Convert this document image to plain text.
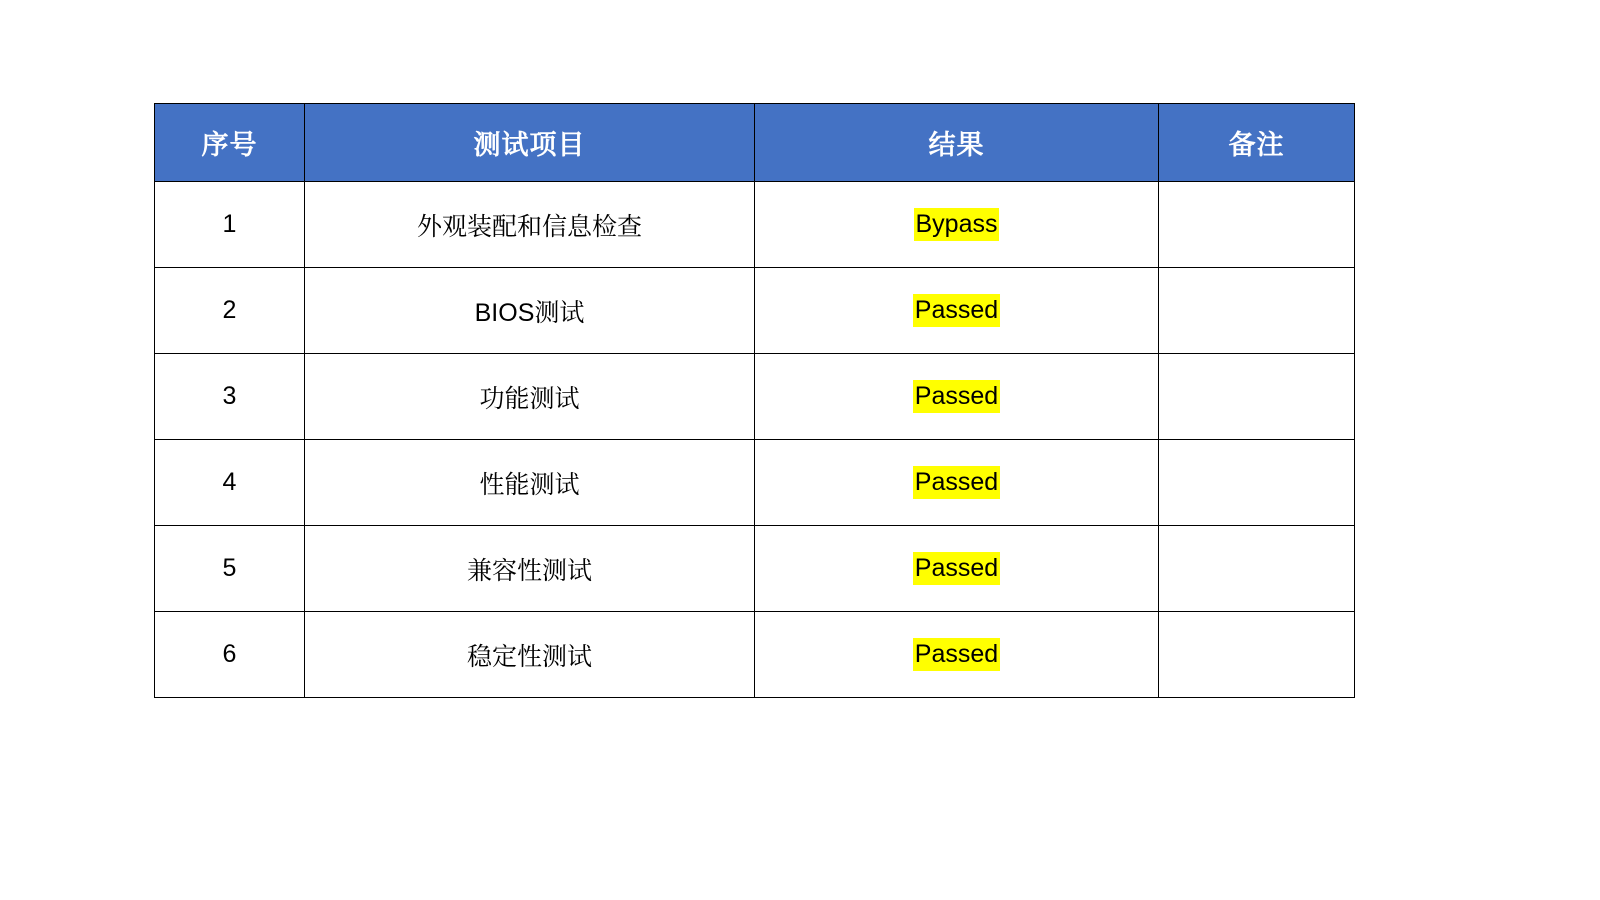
序号	测试项目	结果	备注
1	外观装配和信息检查	Bypass	
2	BIOS测试	Passed	
3	功能测试	Passed	
4	性能测试	Passed	
5	兼容性测试	Passed	
6	稳定性测试	Passed	
